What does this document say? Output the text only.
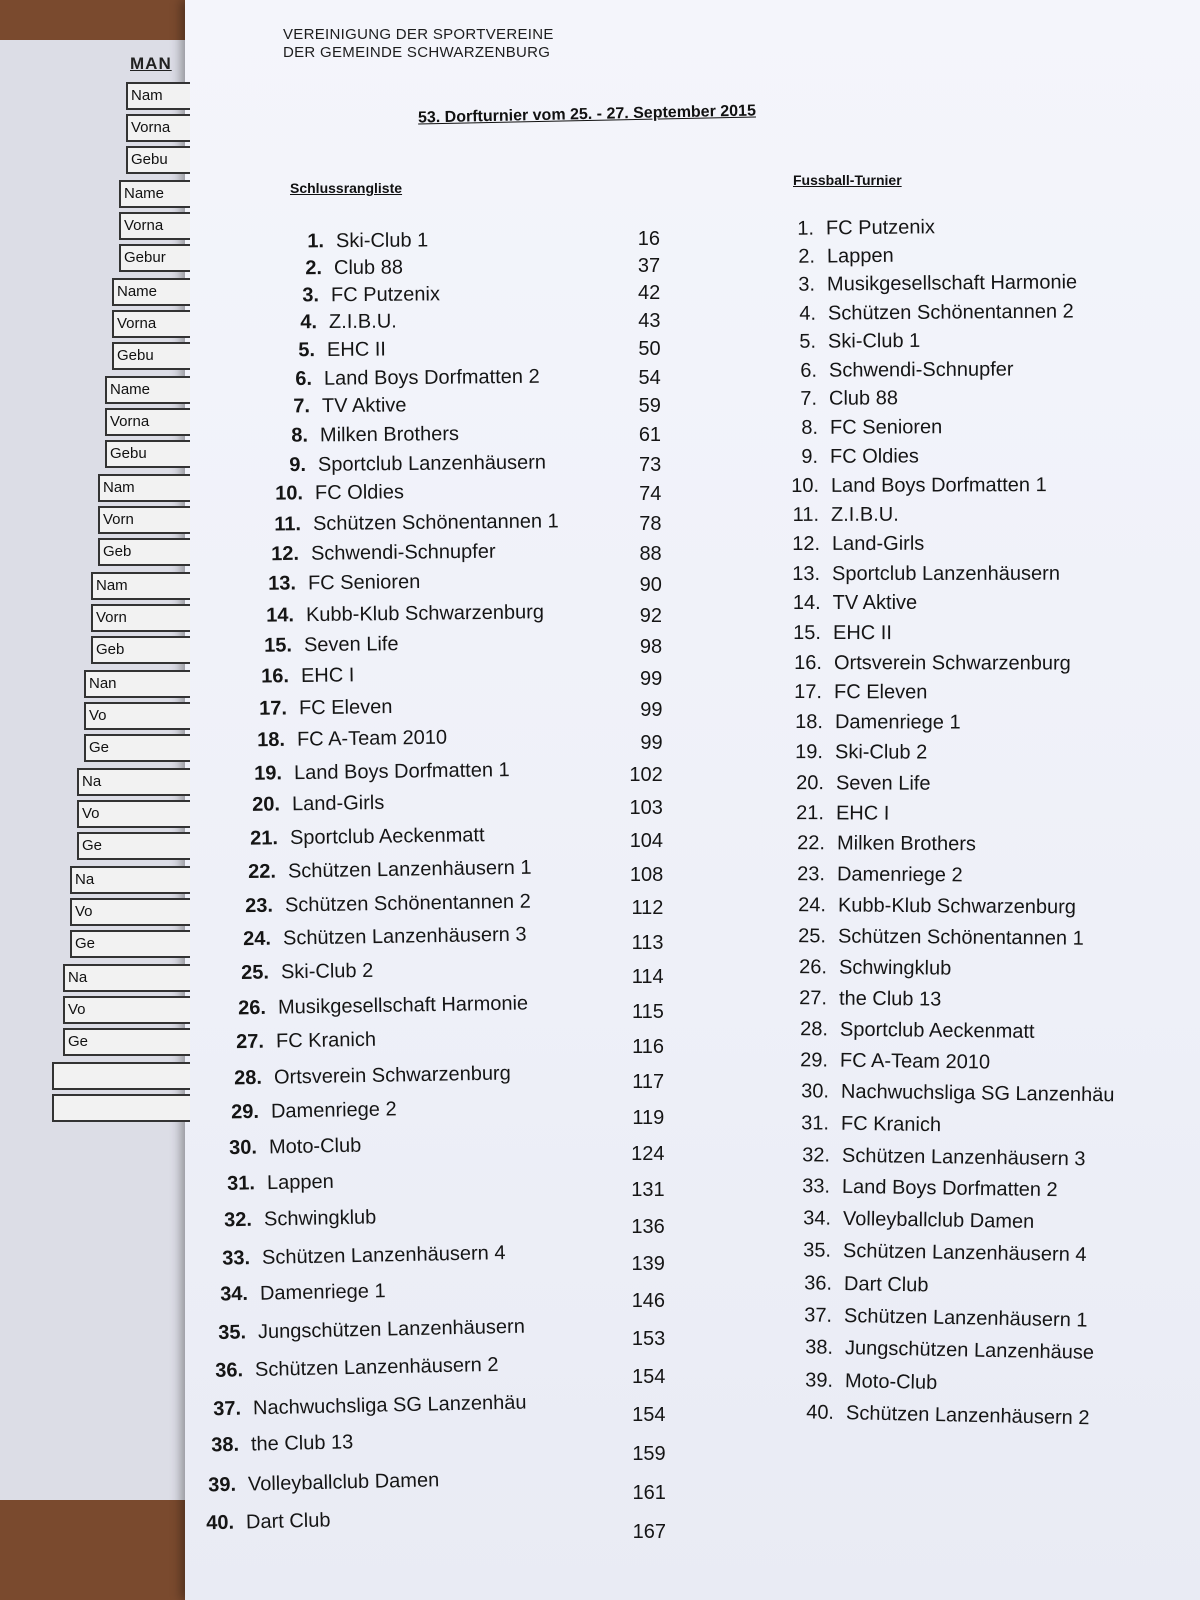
MAN
VEREINIGUNG DER SPORTVEREINE
DER GEMEINDE SCHWARZENBURG
53. Dorfturnier vom 25. - 27. September 2015
Schlussrangliste	Fussball-Turnier
Nam
Vorna
Gebu
Name
Vorna
Gebur
Name
Vorna
Gebu
Name
Vorna
Gebu
Nam
Vorn
Geb
Nam
Vorn
Geb
Nan
Vo
Ge
Na
Vo
Ge
Na
Vo
Ge
Na
Vo
Ge
1. Ski-Club 1	16
2. Club 88	37
3. FC Putzenix	42
4. Z.I.B.U.	43
5. EHC II	50
6. Land Boys Dorfmatten 2	54
7. TV Aktive	59
8. Milken Brothers	61
9. Sportclub Lanzenhäusern	73
10. FC Oldies	74
11. Schützen Schönentannen 1	78
12. Schwendi-Schnupfer	88
13. FC Senioren	90
14. Kubb-Klub Schwarzenburg	92
15. Seven Life	98
16. EHC I	99
17. FC Eleven	99
18. FC A-Team 2010	99
19. Land Boys Dorfmatten 1	102
20. Land-Girls	103
21. Sportclub Aeckenmatt	104
22. Schützen Lanzenhäusern 1	108
23. Schützen Schönentannen 2	112
24. Schützen Lanzenhäusern 3	113
25. Ski-Club 2	114
26. Musikgesellschaft Harmonie	115
27. FC Kranich	116
28. Ortsverein Schwarzenburg	117
29. Damenriege 2	119
30. Moto-Club	124
31. Lappen	131
32. Schwingklub	136
33. Schützen Lanzenhäusern 4	139
34. Damenriege 1	146
35. Jungschützen Lanzenhäusern	153
36. Schützen Lanzenhäusern 2	154
37. Nachwuchsliga SG Lanzenhäu	154
38. the Club 13	159
39. Volleyballclub Damen	161
40. Dart Club	167
1. FC Putzenix
2. Lappen
3. Musikgesellschaft Harmonie
4. Schützen Schönentannen 2
5. Ski-Club 1
6. Schwendi-Schnupfer
7. Club 88
8. FC Senioren
9. FC Oldies
10. Land Boys Dorfmatten 1
11. Z.I.B.U.
12. Land-Girls
13. Sportclub Lanzenhäusern
14. TV Aktive
15. EHC II
16. Ortsverein Schwarzenburg
17. FC Eleven
18. Damenriege 1
19. Ski-Club 2
20. Seven Life
21. EHC I
22. Milken Brothers
23. Damenriege 2
24. Kubb-Klub Schwarzenburg
25. Schützen Schönentannen 1
26. Schwingklub
27. the Club 13
28. Sportclub Aeckenmatt
29. FC A-Team 2010
30. Nachwuchsliga SG Lanzenhäu
31. FC Kranich
32. Schützen Lanzenhäusern 3
33. Land Boys Dorfmatten 2
34. Volleyballclub Damen
35. Schützen Lanzenhäusern 4
36. Dart Club
37. Schützen Lanzenhäusern 1
38. Jungschützen Lanzenhäuse
39. Moto-Club
40. Schützen Lanzenhäusern 2
